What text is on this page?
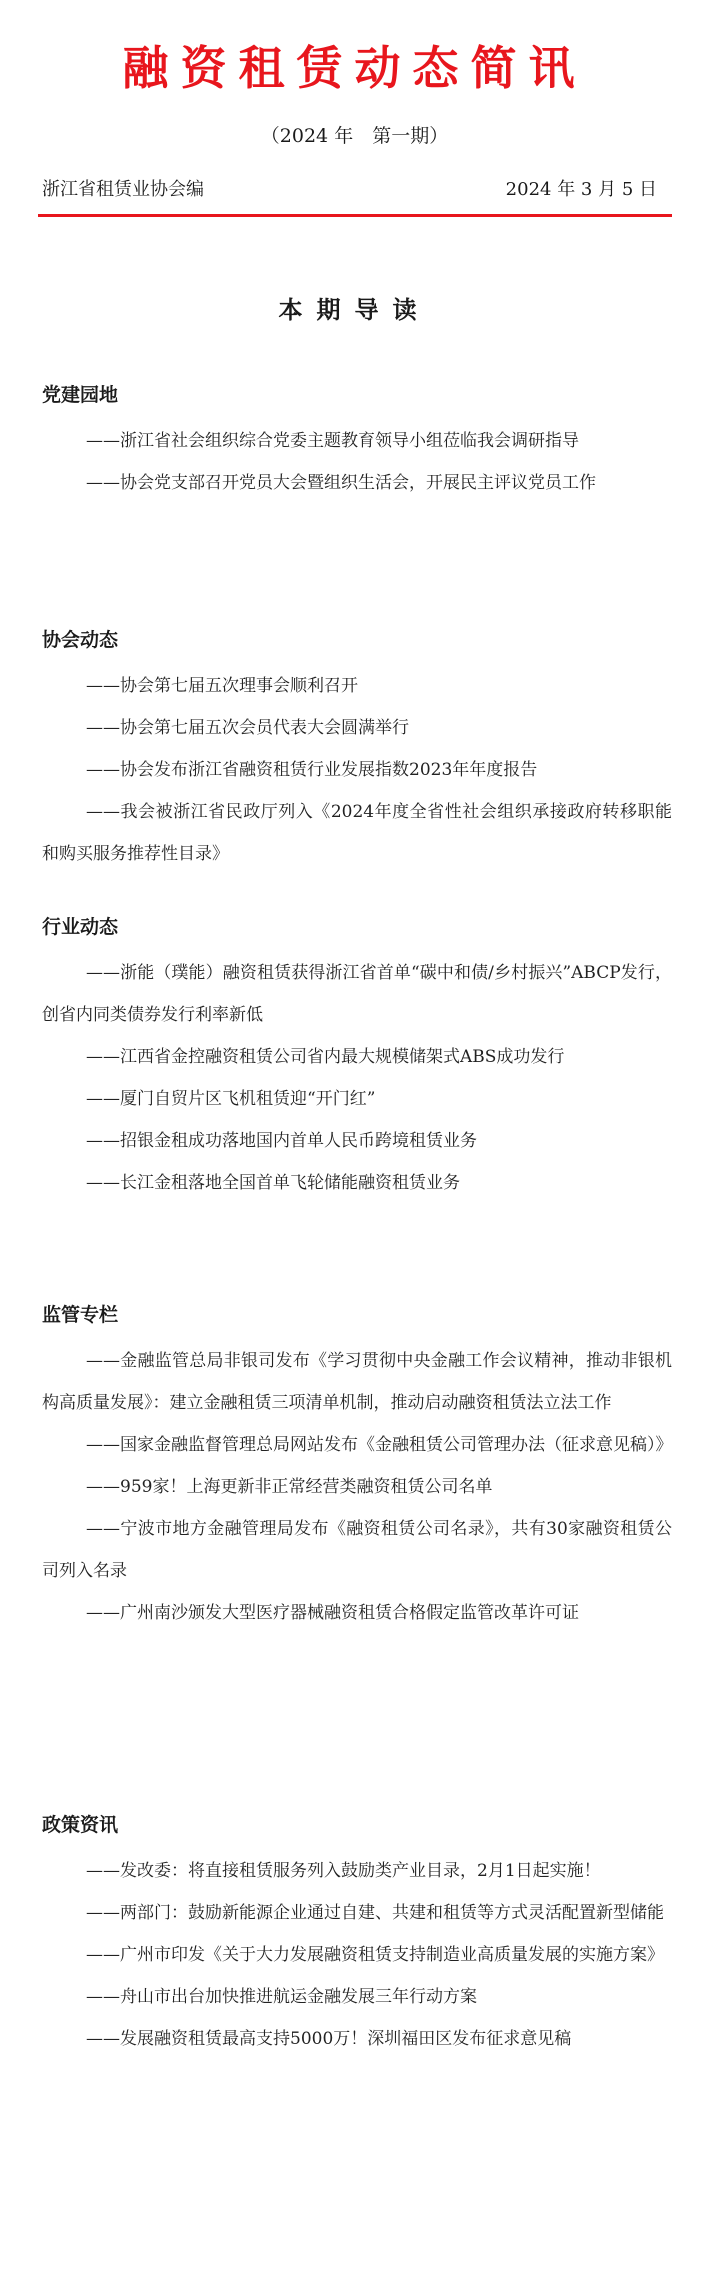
融资租赁动态简讯
（2024 年　第一期）
浙江省租赁业协会编	2024 年 3 月 5 日
本期导读
党建园地

——浙江省社会组织综合党委主题教育领导小组莅临我会调研指导

——协会党支部召开党员大会暨组织生活会，开展民主评议党员工作

协会动态

——协会第七届五次理事会顺利召开

——协会第七届五次会员代表大会圆满举行

——协会发布浙江省融资租赁行业发展指数2023年年度报告

——我会被浙江省民政厅列入《2024年度全省性社会组织承接政府转移职能和购买服务推荐性目录》

行业动态

——浙能（璞能）融资租赁获得浙江省首单“碳中和债/乡村振兴”ABCP发行，创省内同类债券发行利率新低

——江西省金控融资租赁公司省内最大规模储架式ABS成功发行

——厦门自贸片区飞机租赁迎“开门红”

——招银金租成功落地国内首单人民币跨境租赁业务

——长江金租落地全国首单飞轮储能融资租赁业务

监管专栏

——金融监管总局非银司发布《学习贯彻中央金融工作会议精神，推动非银机构高质量发展》：建立金融租赁三项清单机制，推动启动融资租赁法立法工作

——国家金融监督管理总局网站发布《金融租赁公司管理办法（征求意见稿）》

——959家！上海更新非正常经营类融资租赁公司名单

——宁波市地方金融管理局发布《融资租赁公司名录》，共有30家融资租赁公司列入名录

——广州南沙颁发大型医疗器械融资租赁合格假定监管改革许可证

政策资讯

——发改委：将直接租赁服务列入鼓励类产业目录，2月1日起实施！

——两部门：鼓励新能源企业通过自建、共建和租赁等方式灵活配置新型储能

——广州市印发《关于大力发展融资租赁支持制造业高质量发展的实施方案》

——舟山市出台加快推进航运金融发展三年行动方案

——发展融资租赁最高支持5000万！深圳福田区发布征求意见稿
